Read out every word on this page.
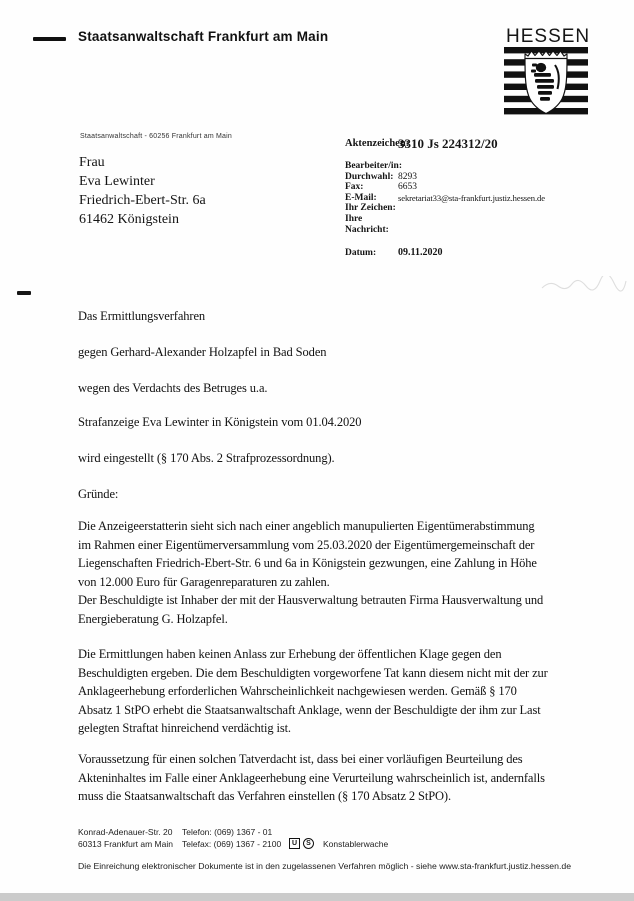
Staatsanwaltschaft Frankfurt am Main	HESSEN
Staatsanwaltschaft - 60256 Frankfurt am Main
Frau
Eva Lewinter
Friedrich-Ebert-Str. 6a
61462 Königstein
Aktenzeichen:
3310 Js 224312/20
Bearbeiter/in:
Durchwahl: 8293
Fax:	6653
E-Mail:	sekretariat33@sta-frankfurt.justiz.hessen.de
Ihr Zeichen:
Ihre Nachricht:
Datum:	09.11.2020
Das Ermittlungsverfahren
gegen Gerhard-Alexander Holzapfel in Bad Soden
wegen des Verdachts des Betruges u.a.
Strafanzeige Eva Lewinter in Königstein vom 01.04.2020
wird eingestellt (§ 170 Abs. 2 Strafprozessordnung).
Gründe:
Die Anzeigeerstatterin sieht sich nach einer angeblich manupulierten Eigentümerabstimmung
im Rahmen einer Eigentümerversammlung vom 25.03.2020 der Eigentümergemeinschaft der
Liegenschaften Friedrich-Ebert-Str. 6 und 6a in Königstein gezwungen, eine Zahlung in Höhe
von 12.000 Euro für Garagenreparaturen zu zahlen.
Der Beschuldigte ist Inhaber der mit der Hausverwaltung betrauten Firma Hausverwaltung und
Energieberatung G. Holzapfel.
Die Ermittlungen haben keinen Anlass zur Erhebung der öffentlichen Klage gegen den
Beschuldigten ergeben. Die dem Beschuldigten vorgeworfene Tat kann diesem nicht mit der zur
Anklageerhebung erforderlichen Wahrscheinlichkeit nachgewiesen werden. Gemäß § 170
Absatz 1 StPO erhebt die Staatsanwaltschaft Anklage, wenn der Beschuldigte der ihm zur Last
gelegten Straftat hinreichend verdächtig ist.
Voraussetzung für einen solchen Tatverdacht ist, dass bei einer vorläufigen Beurteilung des
Akteninhaltes im Falle einer Anklageerhebung eine Verurteilung wahrscheinlich ist, andernfalls
muss die Staatsanwaltschaft das Verfahren einstellen (§ 170 Absatz 2 StPO).
Konrad-Adenauer-Str. 20
60313 Frankfurt am Main
Telefon: (069) 1367 - 01
Telefax: (069) 1367 - 2100	U	S	Konstablerwache
Die Einreichung elektronischer Dokumente ist in den zugelassenen Verfahren möglich - siehe www.sta-frankfurt.justiz.hessen.de
